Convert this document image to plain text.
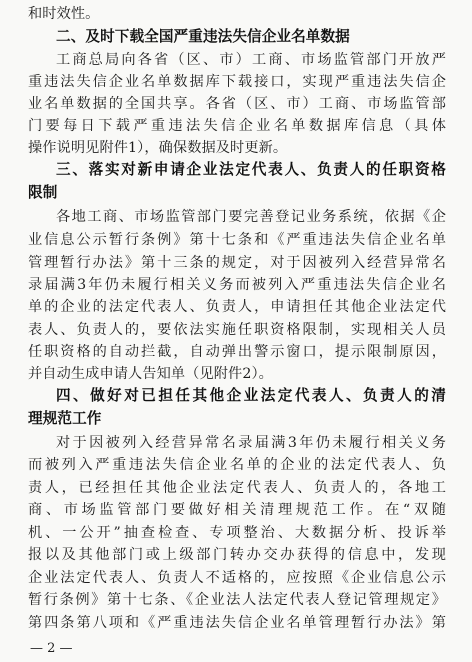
和时效性。
二、及时下载全国严重违法失信企业名单数据
工商总局向各省（区、市）工商、市场监管部门开放严
重违法失信企业名单数据库下载接口，实现严重违法失信企
业名单数据的全国共享。各省（区、市）工商、市场监管部
门要每日下载严重违法失信企业名单数据库信息（具体
操作说明见附件1），确保数据及时更新。
三、落实对新申请企业法定代表人、负责人的任职资格
限制
各地工商、市场监管部门要完善登记业务系统，依据《企
业信息公示暂行条例》第十七条和《严重违法失信企业名单
管理暂行办法》第十三条的规定，对于因被列入经营异常名
录届满3年仍未履行相关义务而被列入严重违法失信企业名
单的企业的法定代表人、负责人，申请担任其他企业法定代
表人、负责人的，要依法实施任职资格限制，实现相关人员
任职资格的自动拦截，自动弹出警示窗口，提示限制原因，
并自动生成申请人告知单（见附件2）。
四、做好对已担任其他企业法定代表人、负责人的清
理规范工作
对于因被列入经营异常名录届满3年仍未履行相关义务
而被列入严重违法失信企业名单的企业的法定代表人、负
责人，已经担任其他企业法定代表人、负责人的，各地工
商、市场监管部门要做好相关清理规范工作。在“双随
机、一公开”抽查检查、专项整治、大数据分析、投诉举
报以及其他部门或上级部门转办交办获得的信息中，发现
企业法定代表人、负责人不适格的，应按照《企业信息公示
暂行条例》第十七条、《企业法人法定代表人登记管理规定》
第四条第八项和《严重违法失信企业名单管理暂行办法》第
— 2 —
